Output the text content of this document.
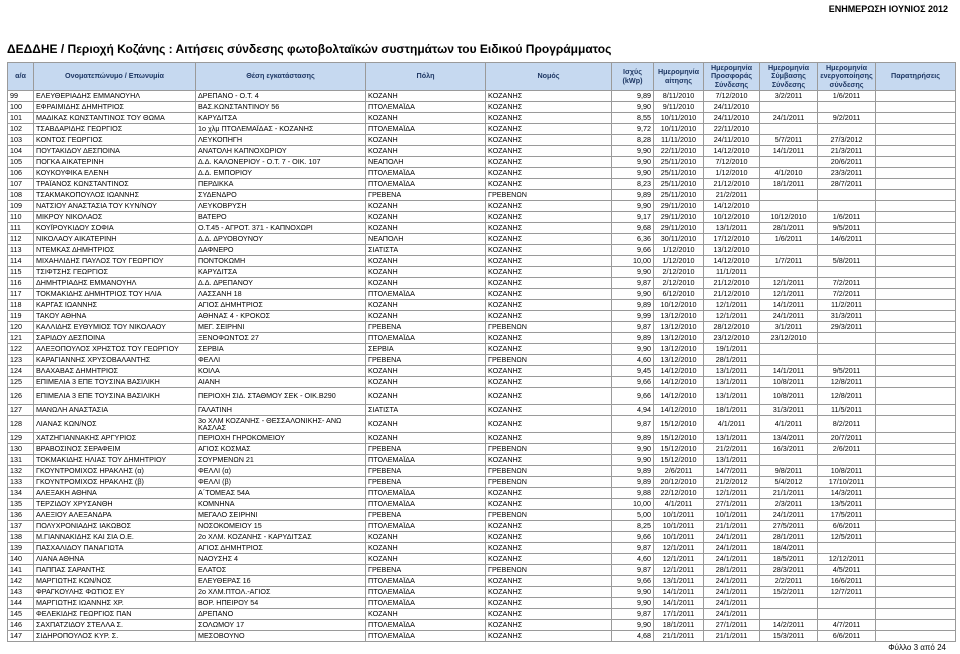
ΕΝΗΜΕΡΩΣΗ ΙΟΥΝΙΟΣ 2012
ΔΕΔΔΗΕ / Περιοχή Κοζάνης : Αιτήσεις σύνδεσης φωτοβολταϊκών συστημάτων του Ειδικού Προγράμματος
α/α	Ονοματεπώνυμο / Επωνυμία	Θέση εγκατάστασης	Πόλη	Νομός	Ισχύς (kWp)	Ημερομηνία αίτησης	Ημερομηνία Προσφοράς Σύνδεσης	Ημερομηνία Σύμβασης Σύνδεσης	Ημερομηνία ενεργοποίησης σύνδεσης	Παρατηρήσεις
99	ΕΛΕΥΘΕΡΙΑΔΗΣ ΕΜΜΑΝΟΥΗΛ	ΔΡΕΠΑΝΟ - Ο.Τ. 4	ΚΟΖΑΝΗ	ΚΟΖΑΝΗΣ	9,89	8/11/2010	7/12/2010	3/2/2011	1/6/2011	
100	ΕΦΡΑΙΜΙΔΗΣ ΔΗΜΗΤΡΙΟΣ	ΒΑΣ.ΚΩΝΣΤΑΝΤΙΝΟΥ 56	ΠΤΟΛΕΜΑΪΔΑ	ΚΟΖΑΝΗΣ	9,90	9/11/2010	24/11/2010			
101	ΜΑΔΙΚΑΣ ΚΩΝΣΤΑΝΤΙΝΟΣ ΤΟΥ ΘΩΜΑ	ΚΑΡΥΔΙΤΣΑ	ΚΟΖΑΝΗ	ΚΟΖΑΝΗΣ	8,55	10/11/2010	24/11/2010	24/1/2011	9/2/2011	
102	ΤΣΑΒΔΑΡΙΔΗΣ ΓΕΩΡΓΙΟΣ	1ο χλμ ΠΤΟΛΕΜΑΪΔΑΣ - ΚΟΖΑΝΗΣ	ΠΤΟΛΕΜΑΪΔΑ	ΚΟΖΑΝΗΣ	9,72	10/11/2010	22/11/2010			
103	ΚΟΝΤΟΣ ΓΕΩΡΓΙΟΣ	ΛΕΥΚΟΠΗΓΗ	ΚΟΖΑΝΗ	ΚΟΖΑΝΗΣ	8,28	11/11/2010	24/11/2010	5/7/2011	27/3/2012	
104	ΠΟΥΤΑΚΙΔΟΥ ΔΕΣΠΟΙΝΑ	ΑΝΑΤΟΛΗ ΚΑΠΝΟΧΩΡΙΟΥ	ΚΟΖΑΝΗ	ΚΟΖΑΝΗΣ	9,90	22/11/2010	14/12/2010	14/1/2011	21/3/2011	
105	ΠΟΓΚΑ ΑΙΚΑΤΕΡΙΝΗ	Δ.Δ. ΚΑΛΟΝΕΡΙΟΥ - Ο.Τ. 7 - ΟΙΚ. 107	ΝΕΑΠΟΛΗ	ΚΟΖΑΝΗΣ	9,90	25/11/2010	7/12/2010		20/6/2011	
106	ΚΟΥΚΟΥΦΙΚΑ ΕΛΕΝΗ	Δ.Δ. ΕΜΠΟΡΙΟΥ	ΠΤΟΛΕΜΑΪΔΑ	ΚΟΖΑΝΗΣ	9,90	25/11/2010	1/12/2010	4/1/2010	23/3/2011	
107	ΤΡΑΪΑΝΟΣ ΚΩΝΣΤΑΝΤΙΝΟΣ	ΠΕΡΔΙΚΚΑ	ΠΤΟΛΕΜΑΪΔΑ	ΚΟΖΑΝΗΣ	8,23	25/11/2010	21/12/2010	18/1/2011	28/7/2011	
108	ΤΣΑΚΜΑΚΟΠΟΥΛΟΣ ΙΩΑΝΝΗΣ	ΣΥΔΕΝΔΡΟ	ΓΡΕΒΕΝΑ	ΓΡΕΒΕΝΩΝ	9,89	25/11/2010	21/2/2011			
109	ΝΑΤΣΙΟΥ ΑΝΑΣΤΑΣΙΑ ΤΟΥ ΚΥΝ/ΝΟΥ	ΛΕΥΚΟΒΡΥΣΗ	ΚΟΖΑΝΗ	ΚΟΖΑΝΗΣ	9,90	29/11/2010	14/12/2010			
110	ΜΙΚΡΟΥ ΝΙΚΟΛΑΟΣ	ΒΑΤΕΡΟ	ΚΟΖΑΝΗ	ΚΟΖΑΝΗΣ	9,17	29/11/2010	10/12/2010	10/12/2010	1/6/2011	
111	ΚΟΥΪΡΟΥΚΙΔΟΥ ΣΟΦΙΑ	Ο.Τ.45 - ΑΓΡΟΤ. 371 - ΚΑΠΝΟΧΩΡΙ	ΚΟΖΑΝΗ	ΚΟΖΑΝΗΣ	9,68	29/11/2010	13/1/2011	28/1/2011	9/5/2011	
112	ΝΙΚΟΛΑΟΥ ΑΙΚΑΤΕΡΙΝΗ	Δ.Δ. ΔΡΥΟΒΟΥΝΟΥ	ΝΕΑΠΟΛΗ	ΚΟΖΑΝΗΣ	6,36	30/11/2010	17/12/2010	1/6/2011	14/6/2011	
113	ΝΤΕΜΚΑΣ ΔΗΜΗΤΡΙΟΣ	ΔΑΦΝΕΡΟ	ΣΙΑΤΙΣΤΑ	ΚΟΖΑΝΗΣ	9,66	1/12/2010	13/12/2010			
114	ΜΙΧΑΗΛΙΔΗΣ ΠΑΥΛΟΣ ΤΟΥ ΓΕΩΡΓΙΟΥ	ΠΟΝΤΟΚΩΜΗ	ΚΟΖΑΝΗ	ΚΟΖΑΝΗΣ	10,00	1/12/2010	14/12/2010	1/7/2011	5/8/2011	
115	ΤΣΙΦΤΣΗΣ ΓΕΩΡΓΙΟΣ	ΚΑΡΥΔΙΤΣΑ	ΚΟΖΑΝΗ	ΚΟΖΑΝΗΣ	9,90	2/12/2010	11/1/2011			
116	ΔΗΜΗΤΡΙΑΔΗΣ ΕΜΜΑΝΟΥΗΛ	Δ.Δ. ΔΡΕΠΑΝΟΥ	ΚΟΖΑΝΗ	ΚΟΖΑΝΗΣ	9,87	2/12/2010	21/12/2010	12/1/2011	7/2/2011	
117	ΤΟΚΜΑΚΙΔΗΣ ΔΗΜΗΤΡΙΟΣ ΤΟΥ ΗΛΙΑ	ΛΑΣΣΑΝΗ 18	ΠΤΟΛΕΜΑΪΔΑ	ΚΟΖΑΝΗΣ	9,90	6/12/2010	21/12/2010	12/1/2011	7/2/2011	
118	ΚΑΡΓΑΣ ΙΩΑΝΝΗΣ	ΑΓΙΟΣ ΔΗΜΗΤΡΙΟΣ	ΚΟΖΑΝΗ	ΚΟΖΑΝΗΣ	9,89	10/12/2010	12/1/2011	14/1/2011	11/2/2011	
119	ΤΑΚΟΥ ΑΘΗΝΑ	ΑΘΗΝΑΣ 4 - ΚΡΟΚΟΣ	ΚΟΖΑΝΗ	ΚΟΖΑΝΗΣ	9,99	13/12/2010	12/1/2011	24/1/2011	31/3/2011	
120	ΚΑΛΛΙΔΗΣ ΕΥΘΥΜΙΟΣ ΤΟΥ ΝΙΚΟΛΑΟΥ	ΜΕΓ. ΣΕΙΡΗΝΙ	ΓΡΕΒΕΝΑ	ΓΡΕΒΕΝΩΝ	9,87	13/12/2010	28/12/2010	3/1/2011	29/3/2011	
121	ΣΑΡΙΔΟΥ ΔΕΣΠΟΙΝΑ	ΞΕΝΟΦΩΝΤΟΣ 27	ΠΤΟΛΕΜΑΪΔΑ	ΚΟΖΑΝΗΣ	9,89	13/12/2010	23/12/2010	23/12/2010		
122	ΑΛΕΞΟΠΟΥΛΟΣ ΧΡΗΣΤΟΣ ΤΟΥ ΓΕΩΡΓΙΟΥ	ΣΕΡΒΙΑ	ΣΕΡΒΙΑ	ΚΟΖΑΝΗΣ	9,90	13/12/2010	19/1/2011			
123	ΚΑΡΑΓΙΑΝΝΗΣ ΧΡΥΣΟΒΑΛΑΝΤΗΣ	ΦΕΛΛΙ	ΓΡΕΒΕΝΑ	ΓΡΕΒΕΝΩΝ	4,60	13/12/2010	28/1/2011			
124	ΒΛΑΧΑΒΑΣ ΔΗΜΗΤΡΙΟΣ	ΚΟΙΛΑ	ΚΟΖΑΝΗ	ΚΟΖΑΝΗΣ	9,45	14/12/2010	13/1/2011	14/1/2011	9/5/2011	
125	ΕΠΙΜΕΛΙΑ 3 ΕΠΕ ΤΟΥΣΙΝΑ ΒΑΣΙΛΙΚΗ	ΑΙΑΝΗ	ΚΟΖΑΝΗ	ΚΟΖΑΝΗΣ	9,66	14/12/2010	13/1/2011	10/8/2011	12/8/2011	
126	ΕΠΙΜΕΛΙΑ 3 ΕΠΕ ΤΟΥΣΙΝΑ ΒΑΣΙΛΙΚΗ	ΠΕΡΙΟΧΗ ΣΙΔ. ΣΤΑΘΜΟΥ ΣΕΚ - ΟΙΚ.Β290	ΚΟΖΑΝΗ	ΚΟΖΑΝΗΣ	9,66	14/12/2010	13/1/2011	10/8/2011	12/8/2011	
127	ΜΑΝΩΛΗ ΑΝΑΣΤΑΣΙΑ	ΓΑΛΑΤΙΝΗ	ΣΙΑΤΙΣΤΑ	ΚΟΖΑΝΗΣ	4,94	14/12/2010	18/1/2011	31/3/2011	11/5/2011	
128	ΛΙΑΝΑΣ ΚΩΝ/ΝΟΣ	3ο ΧΛΜ ΚΟΖΑΝΗΣ - ΘΕΣΣΑΛΟΝΙΚΗΣ- ΑΝΩ ΚΑΣΛΑΣ	ΚΟΖΑΝΗ	ΚΟΖΑΝΗΣ	9,87	15/12/2010	4/1/2011	4/1/2011	8/2/2011	
129	ΧΑΤΖΗΓΙΑΝΝΑΚΗΣ ΑΡΓΥΡΙΟΣ	ΠΕΡΙΟΧΗ ΓΗΡΟΚΟΜΕΙΟΥ	ΚΟΖΑΝΗ	ΚΟΖΑΝΗΣ	9,89	15/12/2010	13/1/2011	13/4/2011	20/7/2011	
130	ΒΡΑΒΟΣΙΝΟΣ ΣΕΡΑΦΕΙΜ	ΑΓΙΟΣ ΚΟΣΜΑΣ	ΓΡΕΒΕΝΑ	ΓΡΕΒΕΝΩΝ	9,90	15/12/2010	21/2/2011	16/3/2011	2/6/2011	
131	ΤΟΚΜΑΚΙΔΗΣ ΗΛΙΑΣ ΤΟΥ ΔΗΜΗΤΡΙΟΥ	ΣΟΥΡΜΕΝΩΝ 21	ΠΤΟΛΕΜΑΪΔΑ	ΚΟΖΑΝΗΣ	9,90	15/12/2010	13/1/2011			
132	ΓΚΟΥΝΤΡΟΜΙΧΟΣ ΗΡΑΚΛΗΣ (α)	ΦΕΛΛΙ (α)	ΓΡΕΒΕΝΑ	ΓΡΕΒΕΝΩΝ	9,89	2/6/2011	14/7/2011	9/8/2011	10/8/2011	
133	ΓΚΟΥΝΤΡΟΜΙΧΟΣ ΗΡΑΚΛΗΣ (β)	ΦΕΛΛΙ (β)	ΓΡΕΒΕΝΑ	ΓΡΕΒΕΝΩΝ	9,89	20/12/2010	21/2/2012	5/4/2012	17/10/2011	
134	ΑΛΕΞΑΚΗ ΑΘΗΝΑ	Α΄ΤΟΜΕΑΣ 54Α	ΠΤΟΛΕΜΑΪΔΑ	ΚΟΖΑΝΗΣ	9,88	22/12/2010	12/1/2011	21/1/2011	14/3/2011	
135	ΤΕΡΖΙΔΟΥ ΧΡΥΣΑΝΘΗ	ΚΟΜΝΗΝΑ	ΠΤΟΛΕΜΑΪΔΑ	ΚΟΖΑΝΗΣ	10,00	4/1/2011	27/1/2011	2/3/2011	13/5/2011	
136	ΑΛΕΞΙΟΥ ΑΛΕΞΑΝΔΡΑ	ΜΕΓΑΛΟ ΣΕΙΡΗΝΙ	ΓΡΕΒΕΝΑ	ΓΡΕΒΕΝΩΝ	5,00	10/1/2011	10/1/2011	24/1/2011	17/5/2011	
137	ΠΟΛΥΧΡΟΝΙΑΔΗΣ ΙΑΚΩΒΟΣ	ΝΟΣΟΚΟΜΕΙΟΥ 15	ΠΤΟΛΕΜΑΪΔΑ	ΚΟΖΑΝΗΣ	8,25	10/1/2011	21/1/2011	27/5/2011	6/6/2011	
138	Μ.ΓΙΑΝΝΑΚΙΔΗΣ ΚΑΙ ΣΙΑ Ο.Ε.	2ο ΧΛΜ. ΚΟΖΑΝΗΣ - ΚΑΡΥΔΙΤΣΑΣ	ΚΟΖΑΝΗ	ΚΟΖΑΝΗΣ	9,66	10/1/2011	24/1/2011	28/1/2011	12/5/2011	
139	ΠΑΣΧΑΛΙΔΟΥ ΠΑΝΑΓΙΩΤΑ	ΑΓΙΟΣ ΔΗΜΗΤΡΙΟΣ	ΚΟΖΑΝΗ	ΚΟΖΑΝΗΣ	9,87	12/1/2011	24/1/2011	18/4/2011		
140	ΛΙΑΝΑ ΑΘΗΝΑ	ΝΑΟΥΣΗΣ 4	ΚΟΖΑΝΗ	ΚΟΖΑΝΗΣ	4,60	12/1/2011	24/1/2011	18/5/2011	12/12/2011	
141	ΠΑΠΠΑΣ ΣΑΡΑΝΤΗΣ	ΕΛΑΤΟΣ	ΓΡΕΒΕΝΑ	ΓΡΕΒΕΝΩΝ	9,87	12/1/2011	28/1/2011	28/3/2011	4/5/2011	
142	ΜΑΡΓΙΩΤΗΣ ΚΩΝ/ΝΟΣ	ΕΛΕΥΘΕΡΑΣ 16	ΠΤΟΛΕΜΑΪΔΑ	ΚΟΖΑΝΗΣ	9,66	13/1/2011	24/1/2011	2/2/2011	16/6/2011	
143	ΦΡΑΓΚΟΥΛΗΣ ΦΩΤΙΟΣ ΕΥ	2ο ΧΛΜ.ΠΤΟΛ.-ΑΓΙΟΣ	ΠΤΟΛΕΜΑΪΔΑ	ΚΟΖΑΝΗΣ	9,90	14/1/2011	24/1/2011	15/2/2011	12/7/2011	
144	ΜΑΡΓΙΩΤΗΣ ΙΩΑΝΝΗΣ ΧΡ.	ΒΟΡ. ΗΠΕΙΡΟΥ 54	ΠΤΟΛΕΜΑΪΔΑ	ΚΟΖΑΝΗΣ	9,90	14/1/2011	24/1/2011			
145	ΦΕΛΕΚΙΔΗΣ ΓΕΩΡΓΙΟΣ ΠΑΝ	ΔΡΕΠΑΝΟ	ΚΟΖΑΝΗ	ΚΟΖΑΝΗΣ	9,87	17/1/2011	24/1/2011			
146	ΣΑΧΠΑΤΖΙΔΟΥ ΣΤΕΛΛΑ Σ.	ΣΟΛΩΜΟΥ 17	ΠΤΟΛΕΜΑΪΔΑ	ΚΟΖΑΝΗΣ	9,90	18/1/2011	27/1/2011	14/2/2011	4/7/2011	
147	ΣΙΔΗΡΟΠΟΥΛΟΣ ΚΥΡ. Σ.	ΜΕΣΟΒΟΥΝΟ	ΠΤΟΛΕΜΑΪΔΑ	ΚΟΖΑΝΗΣ	4,68	21/1/2011	21/1/2011	15/3/2011	6/6/2011	
Φύλλο 3 από 24
